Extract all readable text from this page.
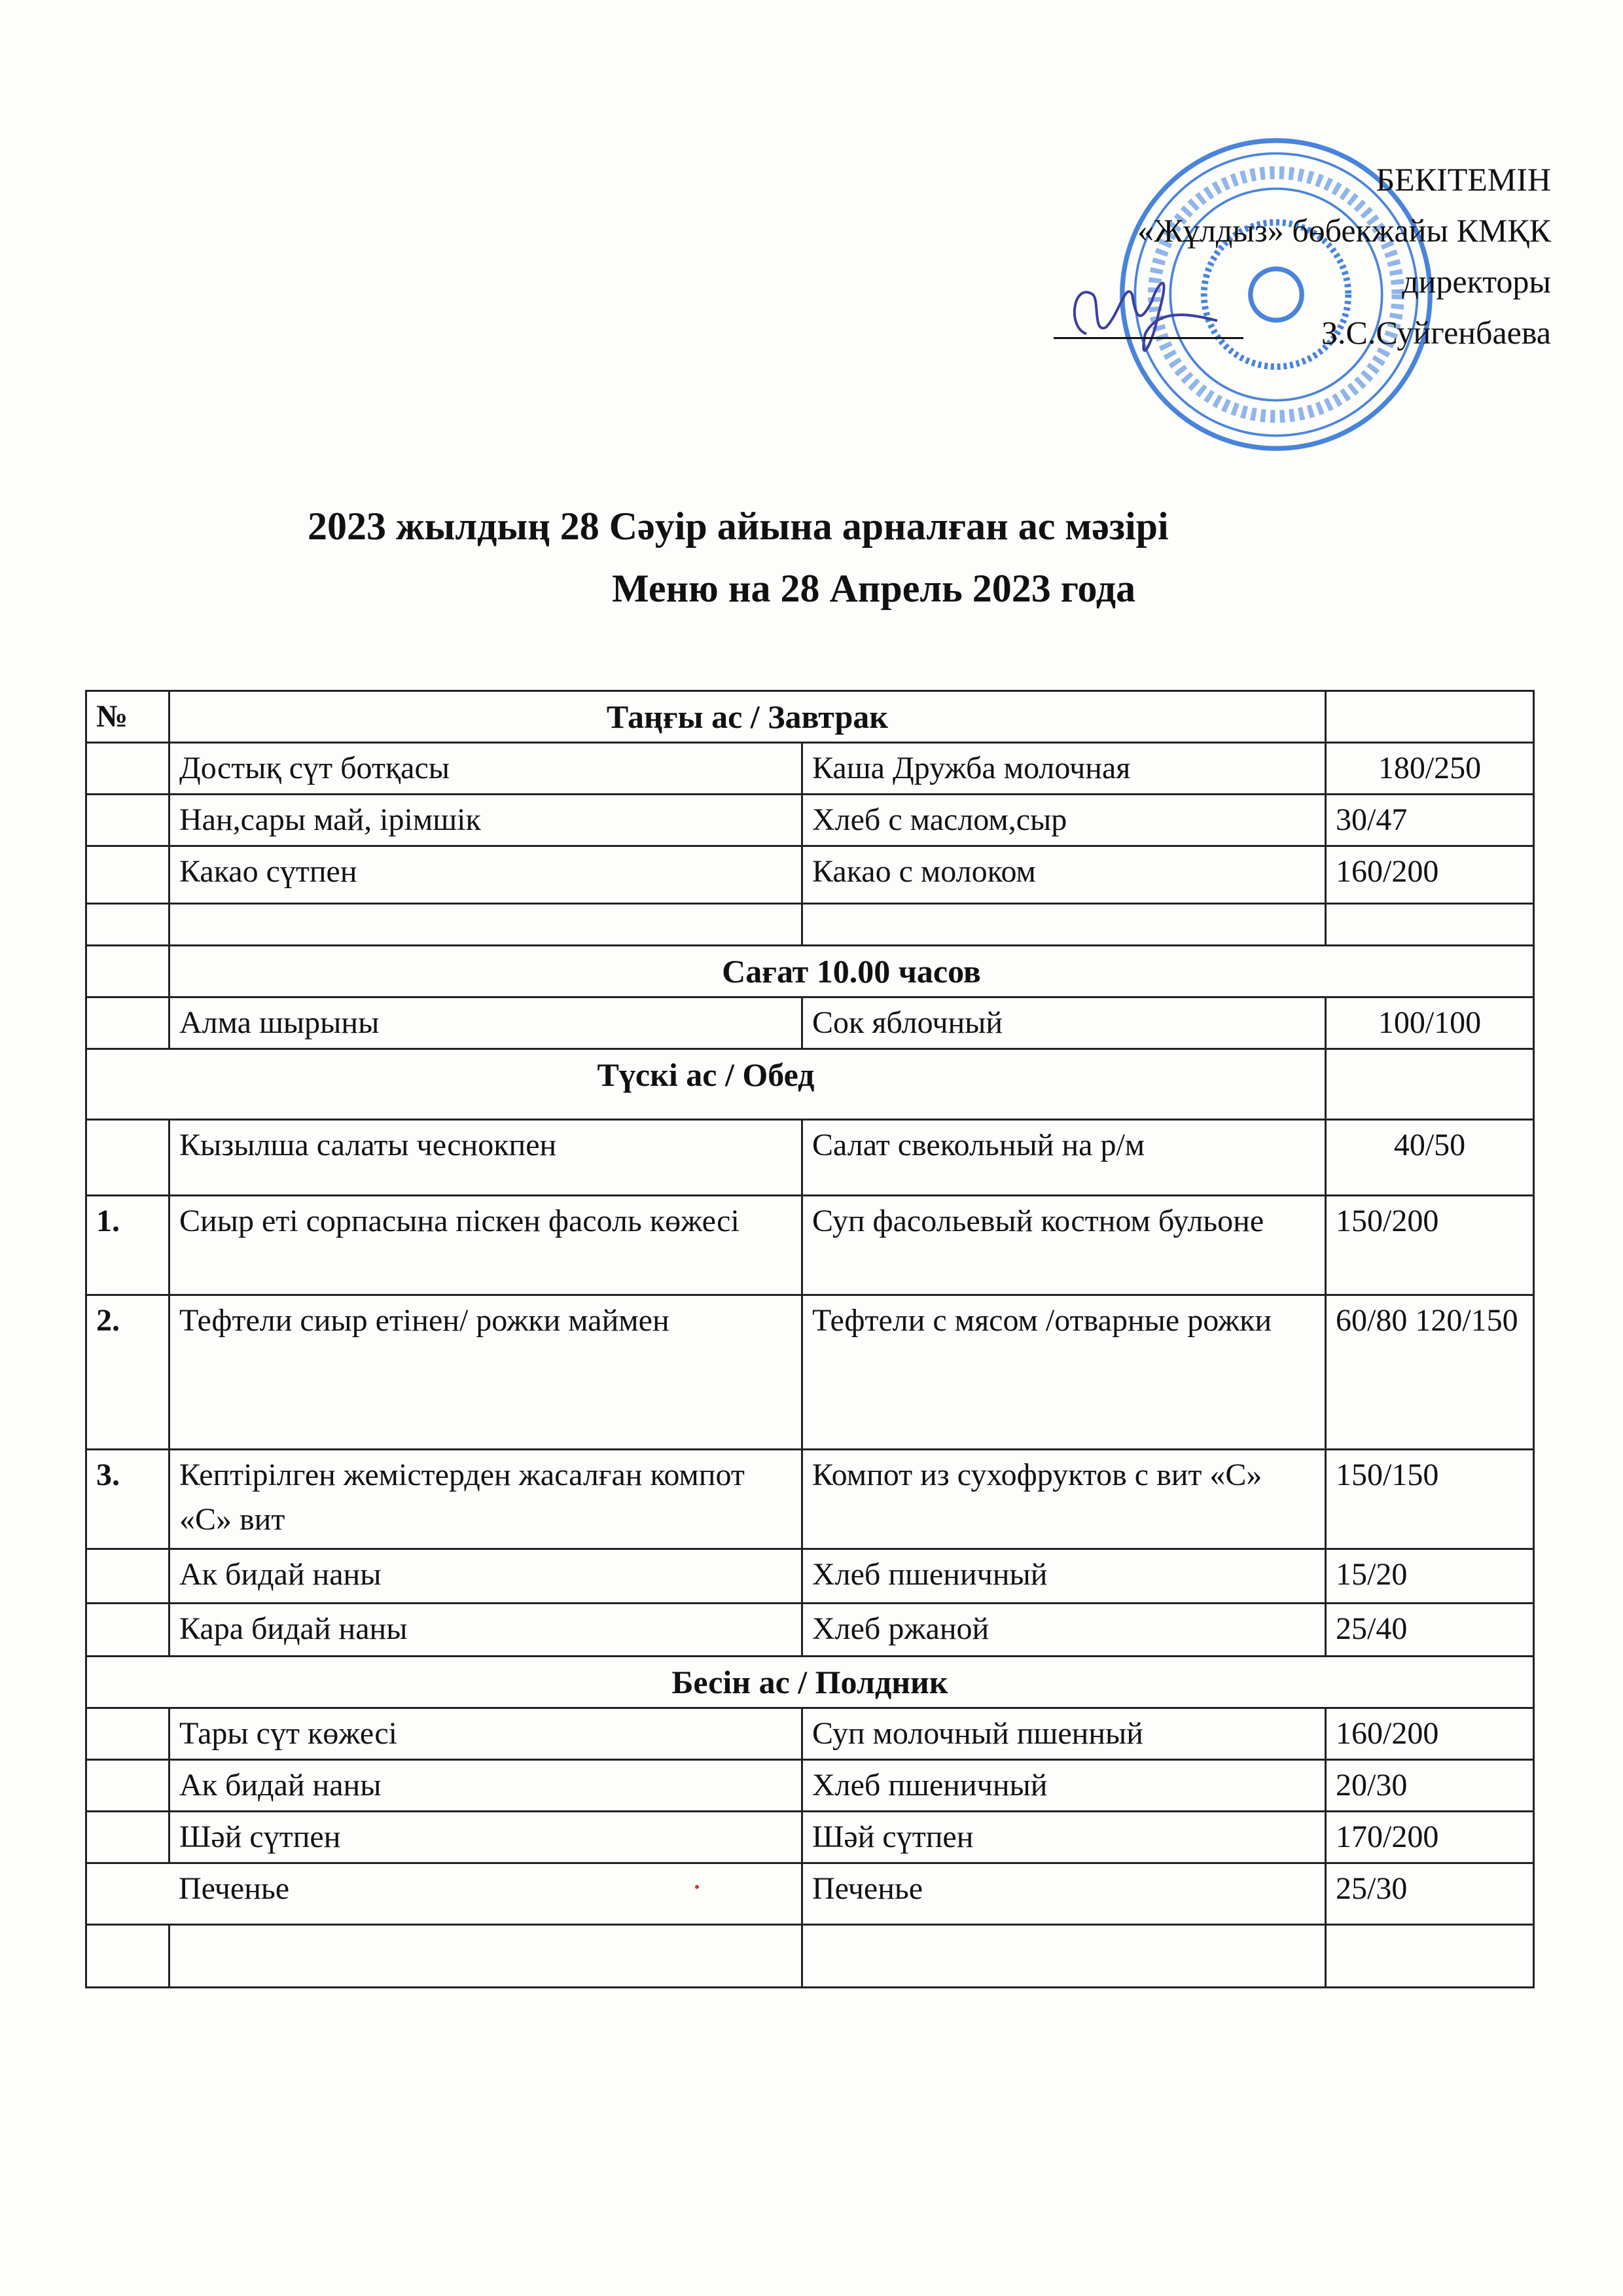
БЕКІТЕМІН
«Жұлдыз» бөбекжайы КМҚК
директоры
З.С.Суйгенбаева
2023 жылдың 28 Сәуір айына арналған ас мәзірі
Меню на 28 Апрель 2023 года
№	Таңғы ас / Завтрак		
	Достық сүт ботқасы	Каша Дружба молочная	180/250
	Нан,сары май, ірімшік	Хлеб с маслом,сыр	30/47
	Какао сүтпен	Какао с молоком	160/200

	Сағат 10.00 часов		
	Алма шырыны	Сок яблочный	100/100
Түскі ас / Обед			
	Кызылша салаты чеснокпен	Салат свекольный на р/м	40/50
1.	Сиыр еті сорпасына піскен фасоль көжесі	Суп фасольевый костном бульоне	150/200
2.	Тефтели сиыр етінен/ рожки маймен	Тефтели с мясом /отварные рожки	60/80 120/150
3.	Кептірілген жемістерден жасалған компот «С» вит	Компот из сухофруктов с вит «С»	150/150
	Ак бидай наны	Хлеб пшеничный	15/20
	Кара бидай наны	Хлеб ржаной	25/40
Бесін ас / Полдник			
	Тары сүт көжесі	Суп молочный пшенный	160/200
	Ак бидай наны	Хлеб пшеничный	20/30
	Шәй сүтпен	Шәй сүтпен	170/200
Печенье		Печенье	25/30
